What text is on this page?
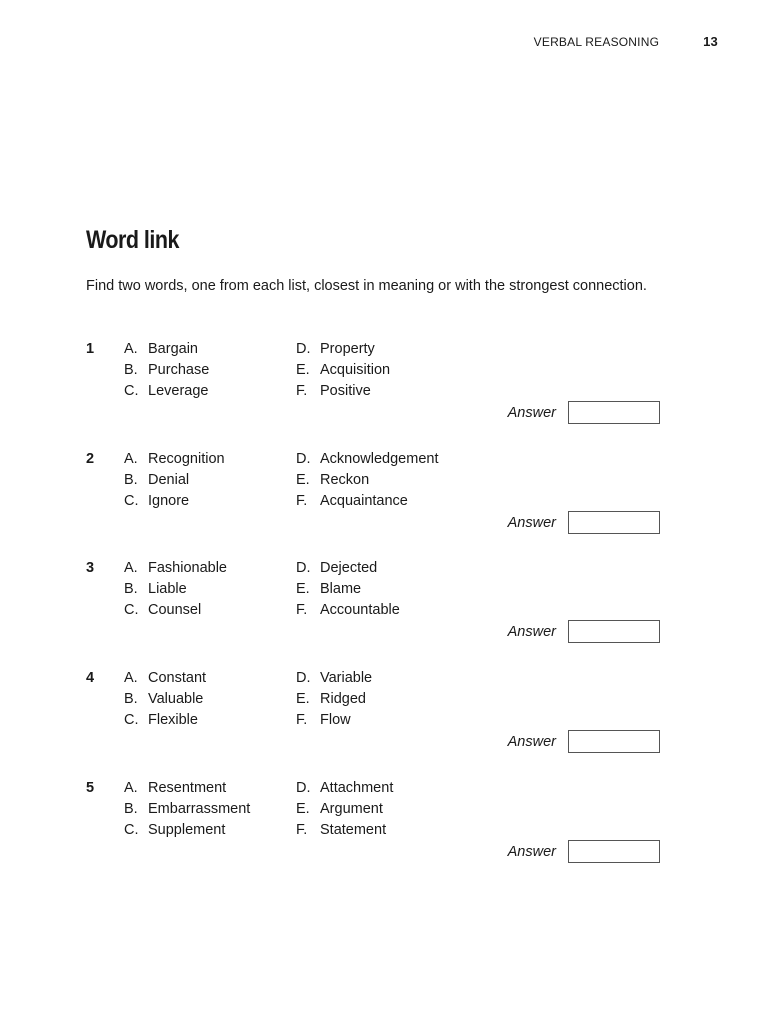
VERBAL REASONING	13
Word link

Find two words, one from each list, closest in meaning or with the strongest connection.

1 A. Bargain
B. Purchase
C. Leverage
D. Property
E. Acquisition
F. Positive
Answer
2 A. Recognition
B. Denial
C. Ignore
D. Acknowledgement
E. Reckon
F. Acquaintance
Answer
3 A. Fashionable
B. Liable
C. Counsel
D. Dejected
E. Blame
F. Accountable
Answer
4 A. Constant
B. Valuable
C. Flexible
D. Variable
E. Ridged
F. Flow
Answer
5 A. Resentment
B. Embarrassment
C. Supplement
D. Attachment
E. Argument
F. Statement
Answer
